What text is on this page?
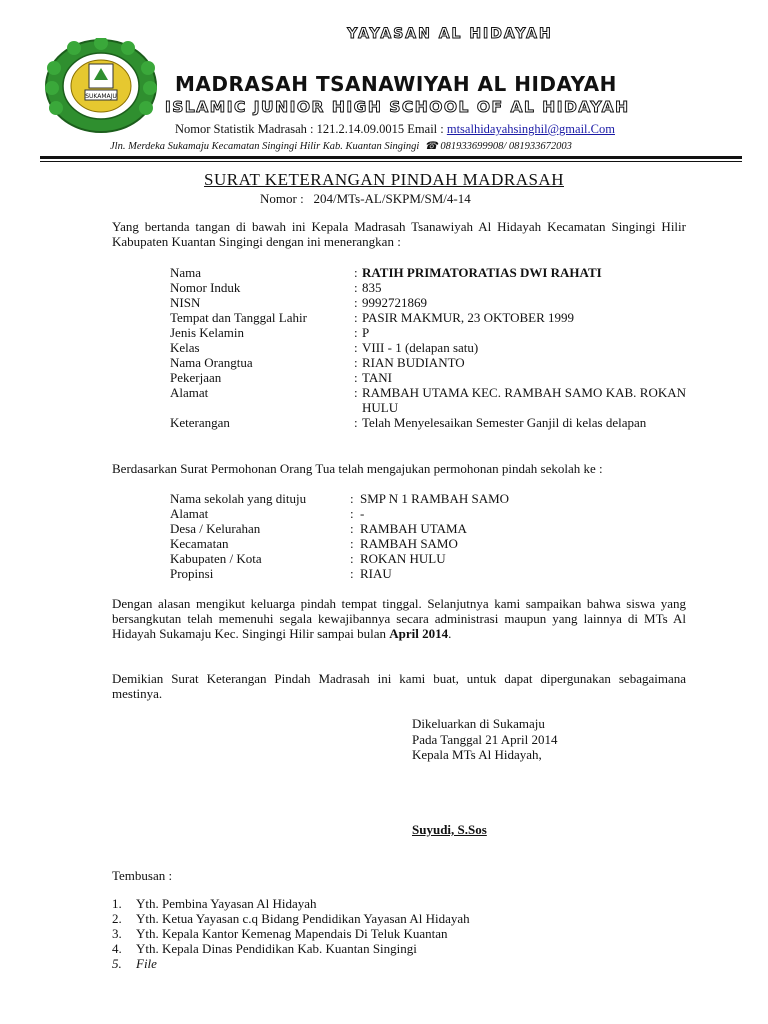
SUKAMAJU
YAYASAN AL HIDAYAH
MADRASAH TSANAWIYAH AL HIDAYAH
ISLAMIC JUNIOR HIGH SCHOOL OF AL HIDAYAH
Nomor Statistik Madrasah : 121.2.14.09.0015 Email : mtsalhidayahsinghil@gmail.Com
Jln. Merdeka Sukamaju Kecamatan Singingi Hilir Kab. Kuantan Singingi ☎ 081933699908/ 081933672003
SURAT KETERANGAN PINDAH MADRASAH
Nomor : 204/MTs-AL/SKPM/SM/4-14
Yang bertanda tangan di bawah ini Kepala Madrasah Tsanawiyah Al Hidayah Kecamatan Singingi Hilir Kabupaten Kuantan Singingi dengan ini menerangkan :
Nama	: RATIH PRIMATORATIAS DWI RAHATI
Nomor Induk	: 835
NISN	: 9992721869
Tempat dan Tanggal Lahir	: PASIR MAKMUR, 23 OKTOBER 1999
Jenis Kelamin	: P
Kelas	: VIII - 1 (delapan satu)
Nama Orangtua	: RIAN BUDIANTO
Pekerjaan	: TANI
Alamat	: RAMBAH UTAMA KEC. RAMBAH SAMO KAB. ROKAN HULU
Keterangan	: Telah Menyelesaikan Semester Ganjil di kelas delapan
Berdasarkan Surat Permohonan Orang Tua telah mengajukan permohonan pindah sekolah ke :
Nama sekolah yang dituju	: SMP N 1 RAMBAH SAMO
Alamat	: -
Desa / Kelurahan	: RAMBAH UTAMA
Kecamatan	: RAMBAH SAMO
Kabupaten / Kota	: ROKAN HULU
Propinsi	: RIAU
Dengan alasan mengikut keluarga pindah tempat tinggal. Selanjutnya kami sampaikan bahwa siswa yang bersangkutan telah memenuhi segala kewajibannya secara administrasi maupun yang lainnya di MTs Al Hidayah Sukamaju Kec. Singingi Hilir sampai bulan April 2014.
Demikian Surat Keterangan Pindah Madrasah ini kami buat, untuk dapat dipergunakan sebagaimana mestinya.
Dikeluarkan di Sukamaju
Pada Tanggal 21 April 2014
Kepala MTs Al Hidayah,
Suyudi, S.Sos
Tembusan :
1. Yth. Pembina Yayasan Al Hidayah
2. Yth. Ketua Yayasan c.q Bidang Pendidikan Yayasan Al Hidayah
3. Yth. Kepala Kantor Kemenag Mapendais Di Teluk Kuantan
4. Yth. Kepala Dinas Pendidikan Kab. Kuantan Singingi
5. File
